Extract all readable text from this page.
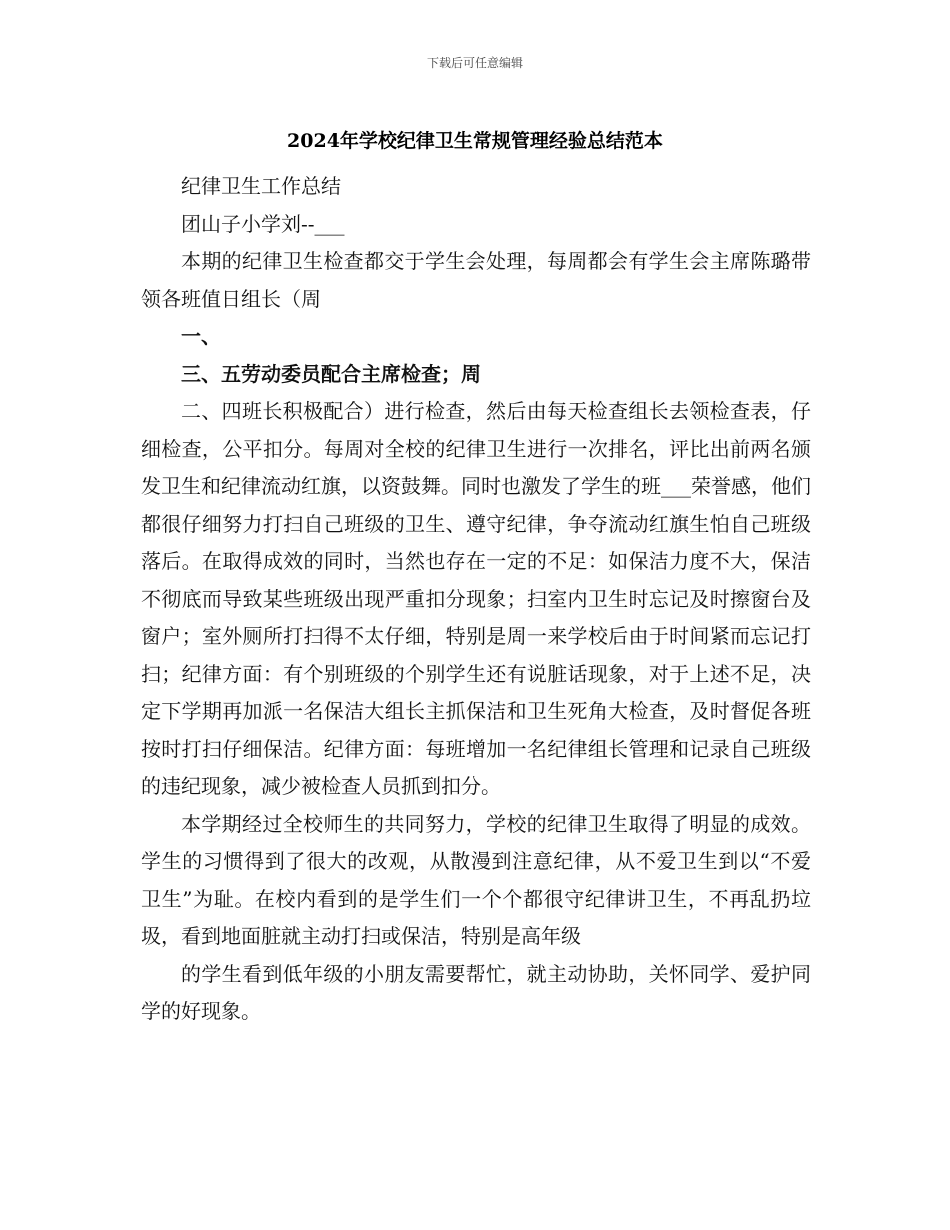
下载后可任意编辑
2024年学校纪律卫生常规管理经验总结范本

纪律卫生工作总结

团山子小学刘--___

本期的纪律卫生检查都交于学生会处理，每周都会有学生会主席陈璐带领各班值日组长（周

一、

三、五劳动委员配合主席检查；周

二、四班长积极配合）进行检查，然后由每天检查组长去领检查表，仔细检查，公平扣分。每周对全校的纪律卫生进行一次排名，评比出前两名颁发卫生和纪律流动红旗，以资鼓舞。同时也激发了学生的班___荣誉感，他们都很仔细努力打扫自己班级的卫生、遵守纪律，争夺流动红旗生怕自己班级落后。在取得成效的同时，当然也存在一定的不足：如保洁力度不大，保洁不彻底而导致某些班级出现严重扣分现象；扫室内卫生时忘记及时擦窗台及窗户；室外厕所打扫得不太仔细，特别是周一来学校后由于时间紧而忘记打扫；纪律方面：有个别班级的个别学生还有说脏话现象，对于上述不足，决定下学期再加派一名保洁大组长主抓保洁和卫生死角大检查，及时督促各班按时打扫仔细保洁。纪律方面：每班增加一名纪律组长管理和记录自己班级的违纪现象，减少被检查人员抓到扣分。

本学期经过全校师生的共同努力，学校的纪律卫生取得了明显的成效。学生的习惯得到了很大的改观，从散漫到注意纪律，从不爱卫生到以“不爱卫生”为耻。在校内看到的是学生们一个个都很守纪律讲卫生，不再乱扔垃圾，看到地面脏就主动打扫或保洁，特别是高年级

的学生看到低年级的小朋友需要帮忙，就主动协助，关怀同学、爱护同学的好现象。
